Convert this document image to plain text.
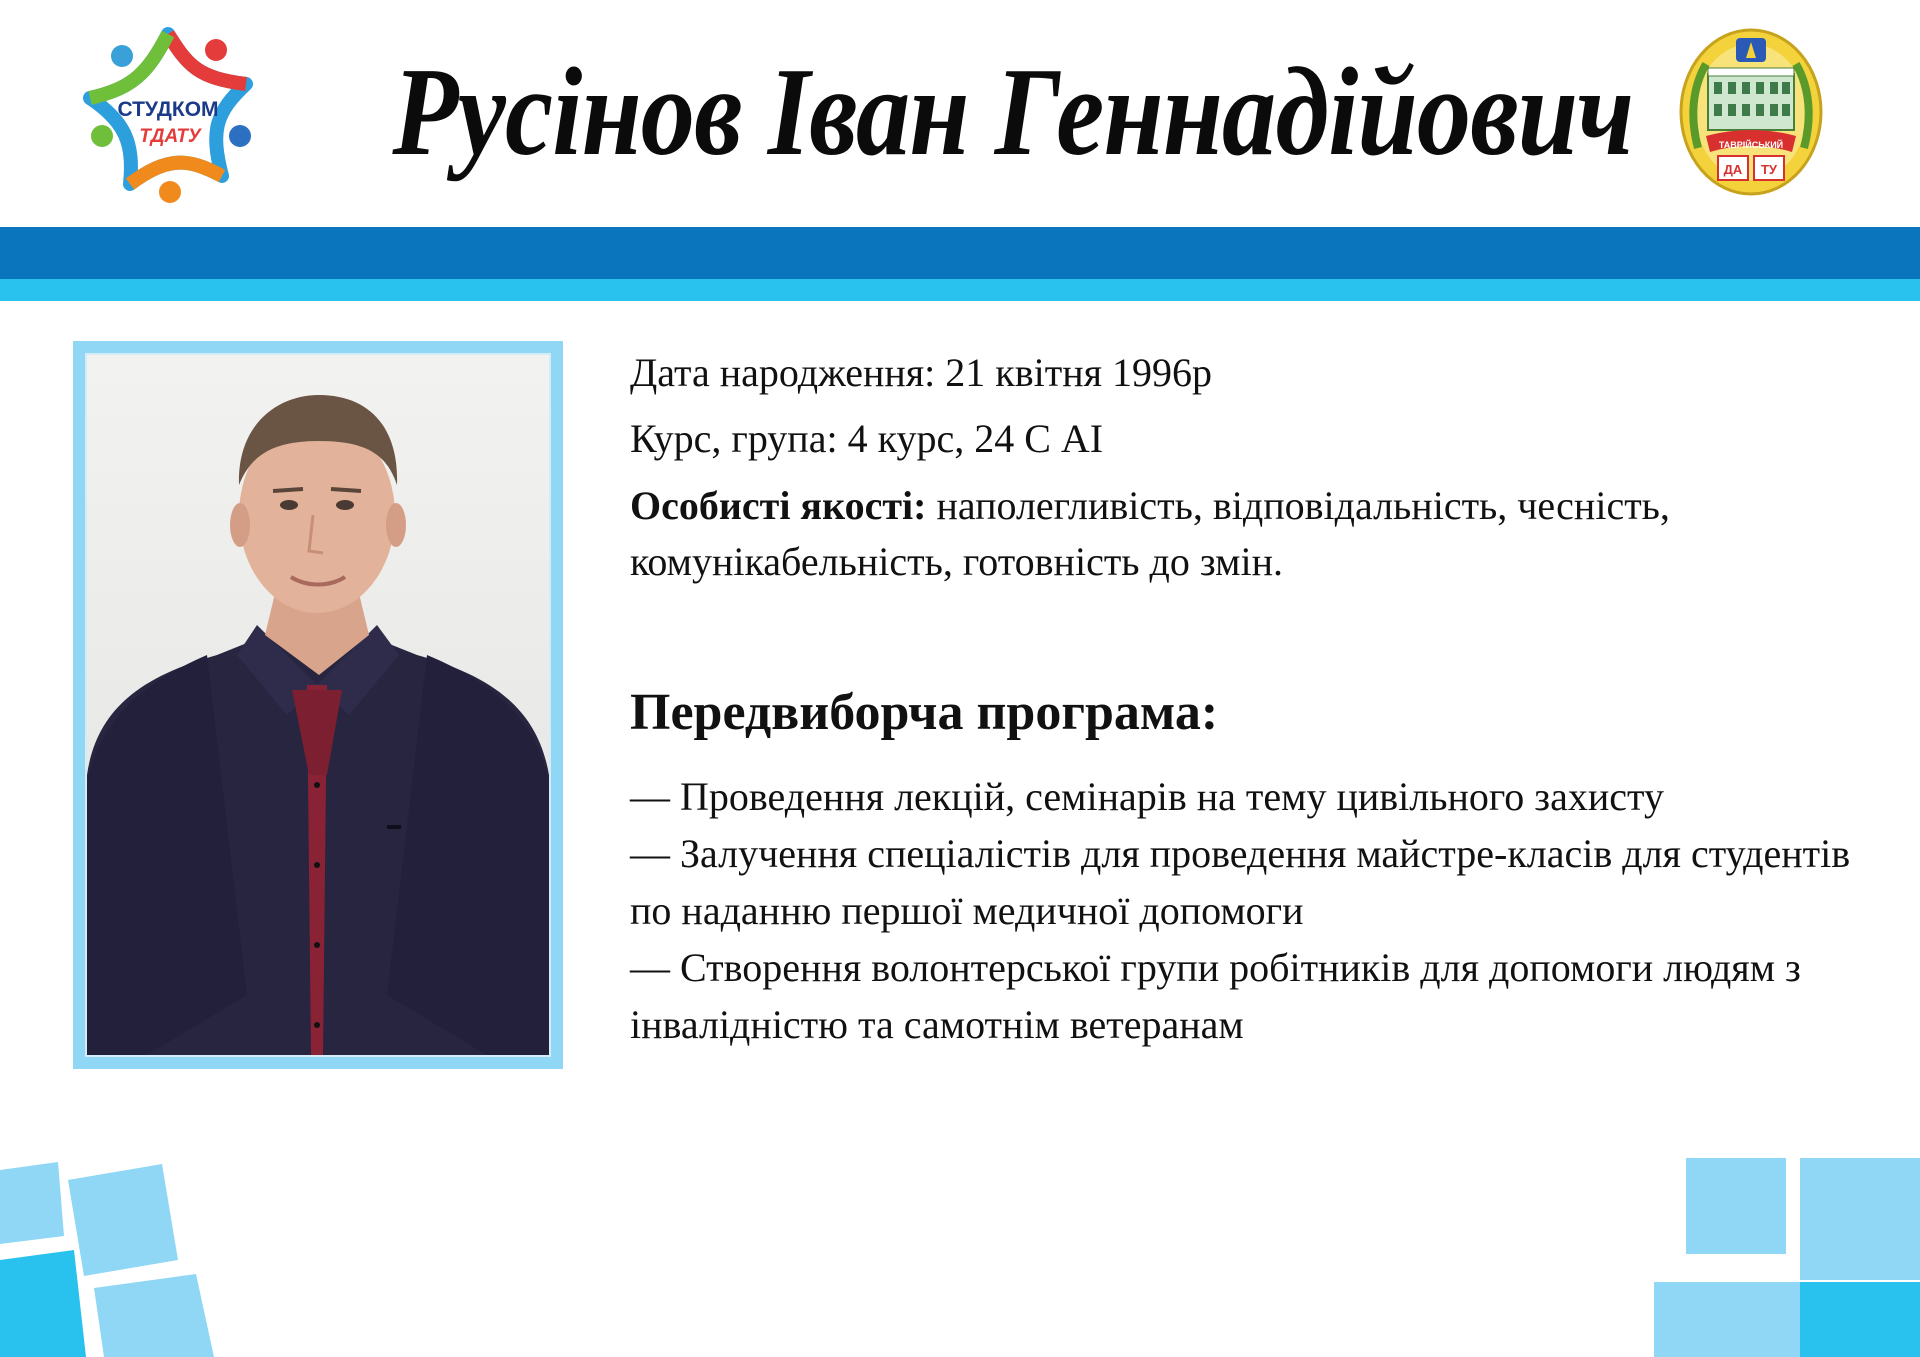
СТУДКОМ
ТДАТУ Русінов Іван Геннадійович	ТАВРІЙСЬКИЙ
ДА ТУ

Дата народження: 21 квітня 1996р

Курс, група: 4 курс, 24 С АІ

Особисті якості: наполегливість, відповідальність, чесність, комунікабельність, готовність до змін.
Передвиборча програма:
— Проведення лекцій, семінарів на тему цивільного захисту
— Залучення спеціалістів для проведення майстре-класів для студентів по наданню першої медичної допомоги
— Створення волонтерської групи робітників для допомоги людям з інвалідністю та самотнім ветеранам
